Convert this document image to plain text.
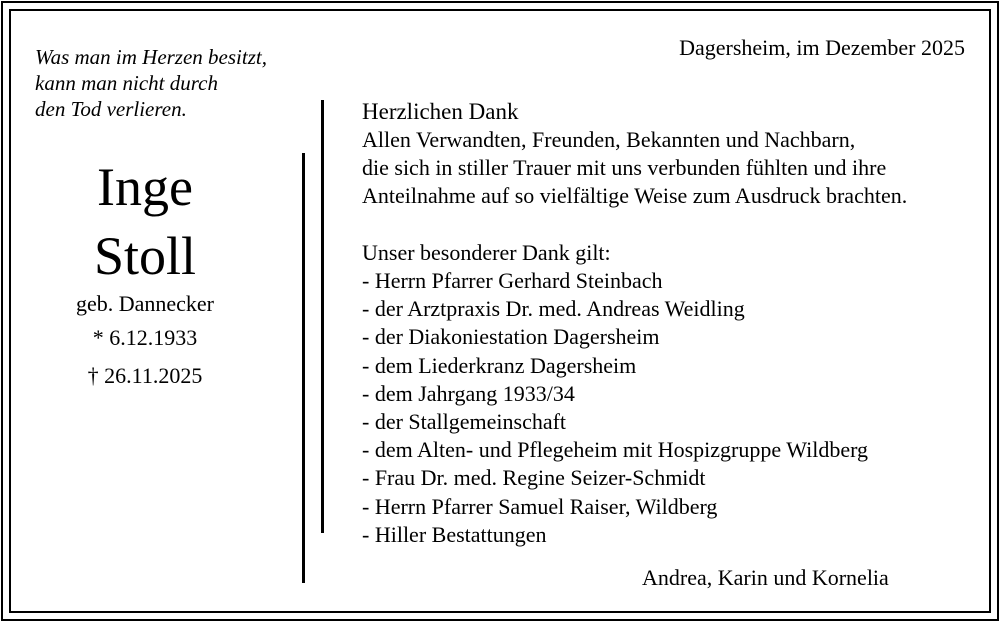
Was man im Herzen besitzt,
kann man nicht durch
den Tod verlieren.
Inge
Stoll
geb. Dannecker
* 6.12.1933
† 26.11.2025
Dagersheim, im Dezember 2025
Herzlichen Dank
Allen Verwandten, Freunden, Bekannten und Nachbarn,
die sich in stiller Trauer mit uns verbunden fühlten und ihre
Anteilnahme auf so vielfältige Weise zum Ausdruck brachten.
Unser besonderer Dank gilt:
- Herrn Pfarrer Gerhard Steinbach
- der Arztpraxis Dr. med. Andreas Weidling
- der Diakoniestation Dagersheim
- dem Liederkranz Dagersheim
- dem Jahrgang 1933/34
- der Stallgemeinschaft
- dem Alten- und Pflegeheim mit Hospizgruppe Wildberg
- Frau Dr. med. Regine Seizer-Schmidt
- Herrn Pfarrer Samuel Raiser, Wildberg
- Hiller Bestattungen
Andrea, Karin und Kornelia
